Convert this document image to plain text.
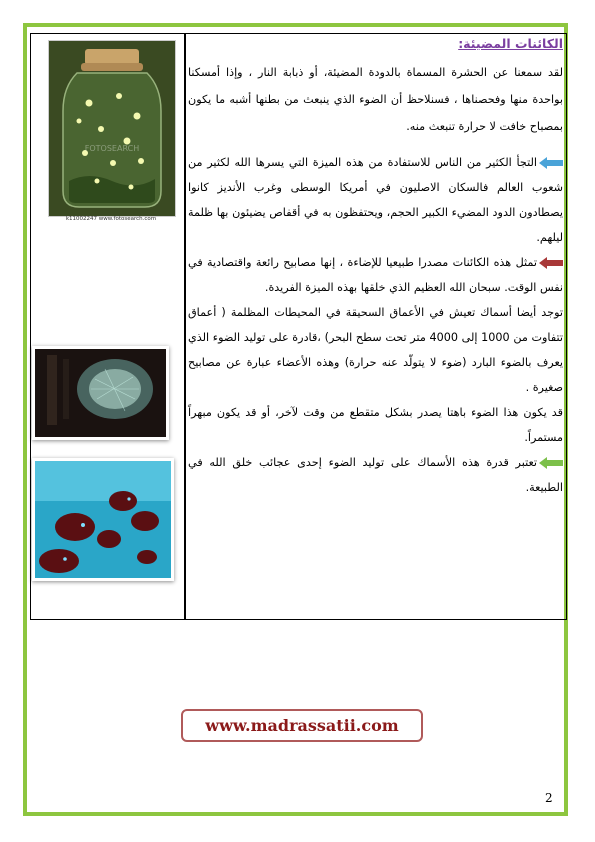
FOTOSEARCH
k11002247 www.fotosearch.com
الكائنات المضيئة:

لقد سمعنا عن الحشرة المسماة بالدودة المضيئة، أو ذبابة النار ، وإذا أمسكنا بواحدة منها وفحصناها ، فسنلاحظ أن الضوء الذي ينبعث من بطنها أشبه ما يكون بمصباح خافت لا حرارة تنبعث منه.

التجأ الكثير من الناس للاستفادة من هذه الميزة التي يسرها الله لكثير من شعوب العالم فالسكان الاصليون في أمريكا الوسطى وغرب الأنديز كانوا يصطادون الدود المضيء الكبير الحجم، ويحتفظون به في أقفاص يضيئون بها ظلمة ليلهم.

تمثل هذه الكائنات مصدرا طبيعيا للإضاءة ، إنها مصابيح رائعة واقتصادية في نفس الوقت. سبحان الله العظيم الذي خلقها بهذه الميزة الفريدة.

توجد أيضا أسماك تعيش في الأعماق السحيقة في المحيطات المظلمة ( أعماق تتفاوت من 1000 إلى 4000 متر تحت سطح البحر) ،قادرة على توليد الضوء الذي يعرف بالضوء البارد (ضوء لا يتولّد عنه حرارة) وهذه الأعضاء عبارة عن مصابيح صغيرة .

قد يكون هذا الضوء باهتا يصدر بشكل متقطع من وقت لآخر، أو قد يكون مبهراً مستمراً.

تعتبر قدرة هذه الأسماك على توليد الضوء إحدى عجائب خلق الله في الطبيعة.

www.madrassatii.com
2
